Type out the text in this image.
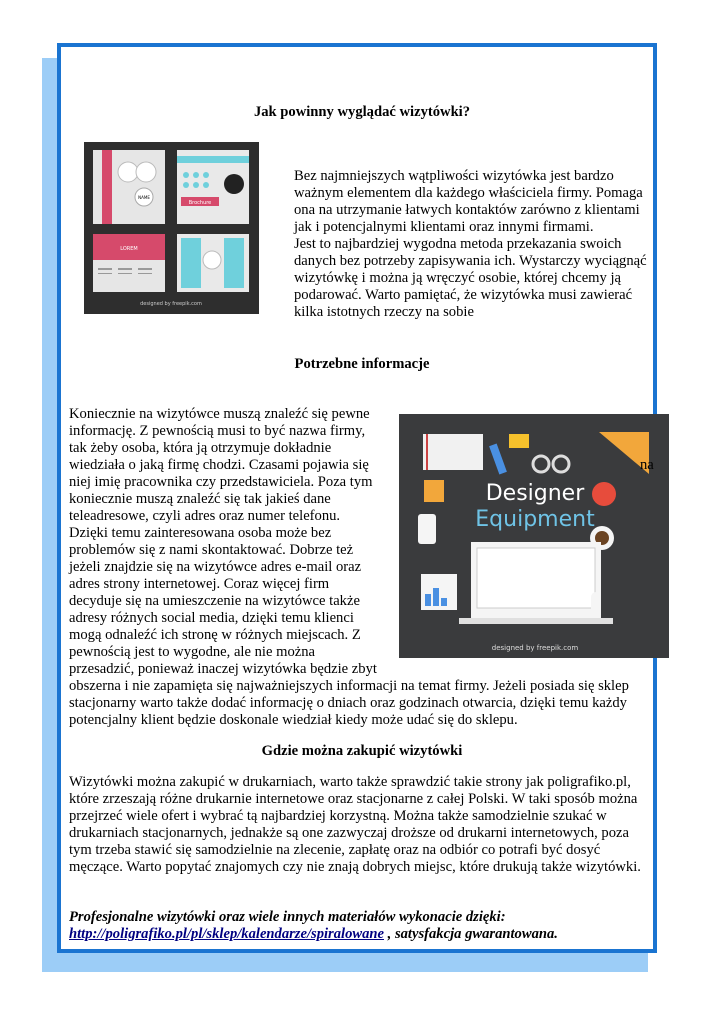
Jak powinny wyglądać wizytówki?
NAME
Brochure
LOREM
designed by freepik.com
Bez najmniejszych wątpliwości wizytówka jest bardzo
ważnym elementem dla każdego właściciela firmy. Pomaga
ona na utrzymanie łatwych kontaktów zarówno z klientami
jak i potencjalnymi klientami oraz innymi firmami.
Jest to najbardziej wygodna metoda przekazania swoich
danych bez potrzeby zapisywania ich. Wystarczy wyciągnąć
wizytówkę i można ją wręczyć osobie, której chcemy ją
podarować. Warto pamiętać, że wizytówka musi zawierać
kilka istotnych rzeczy na sobie
Potrzebne informacje
Designer
Equipment
designed by freepik.com
Koniecznie na wizytówce muszą znaleźć się pewne
informację. Z pewnością musi to być nazwa firmy,
tak żeby osoba, która ją otrzymuje dokładnie
wiedziała o jaką firmę chodzi. Czasami pojawia się	na
niej imię pracownika czy przedstawiciela. Poza tym
koniecznie muszą znaleźć się tak jakieś dane
teleadresowe, czyli adres oraz numer telefonu.
Dzięki temu zainteresowana osoba może bez
problemów się z nami skontaktować. Dobrze też
jeżeli znajdzie się na wizytówce adres e-mail oraz
adres strony internetowej. Coraz więcej firm
decyduje się na umieszczenie na wizytówce także
adresy różnych social media, dzięki temu klienci
mogą odnaleźć ich stronę w różnych miejscach. Z
pewnością jest to wygodne, ale nie można
przesadzić, ponieważ inaczej wizytówka będzie zbyt
obszerna i nie zapamięta się najważniejszych informacji na temat firmy. Jeżeli posiada się sklep
stacjonarny warto także dodać informację o dniach oraz godzinach otwarcia, dzięki temu każdy
potencjalny klient będzie doskonale wiedział kiedy może udać się do sklepu.
Gdzie można zakupić wizytówki
Wizytówki można zakupić w drukarniach, warto także sprawdzić takie strony jak poligrafiko.pl,
które zrzeszają różne drukarnie internetowe oraz stacjonarne z całej Polski. W taki sposób można
przejrzeć wiele ofert i wybrać tą najbardziej korzystną. Można także samodzielnie szukać w
drukarniach stacjonarnych, jednakże są one zazwyczaj droższe od drukarni internetowych, poza
tym trzeba stawić się samodzielnie na zlecenie, zapłatę oraz na odbiór co potrafi być dosyć
męczące. Warto popytać znajomych czy nie znają dobrych miejsc, które drukują także wizytówki.
Profesjonalne wizytówki oraz wiele innych materiałów wykonacie dzięki:
http://poligrafiko.pl/pl/sklep/kalendarze/spiralowane , satysfakcja gwarantowana.
